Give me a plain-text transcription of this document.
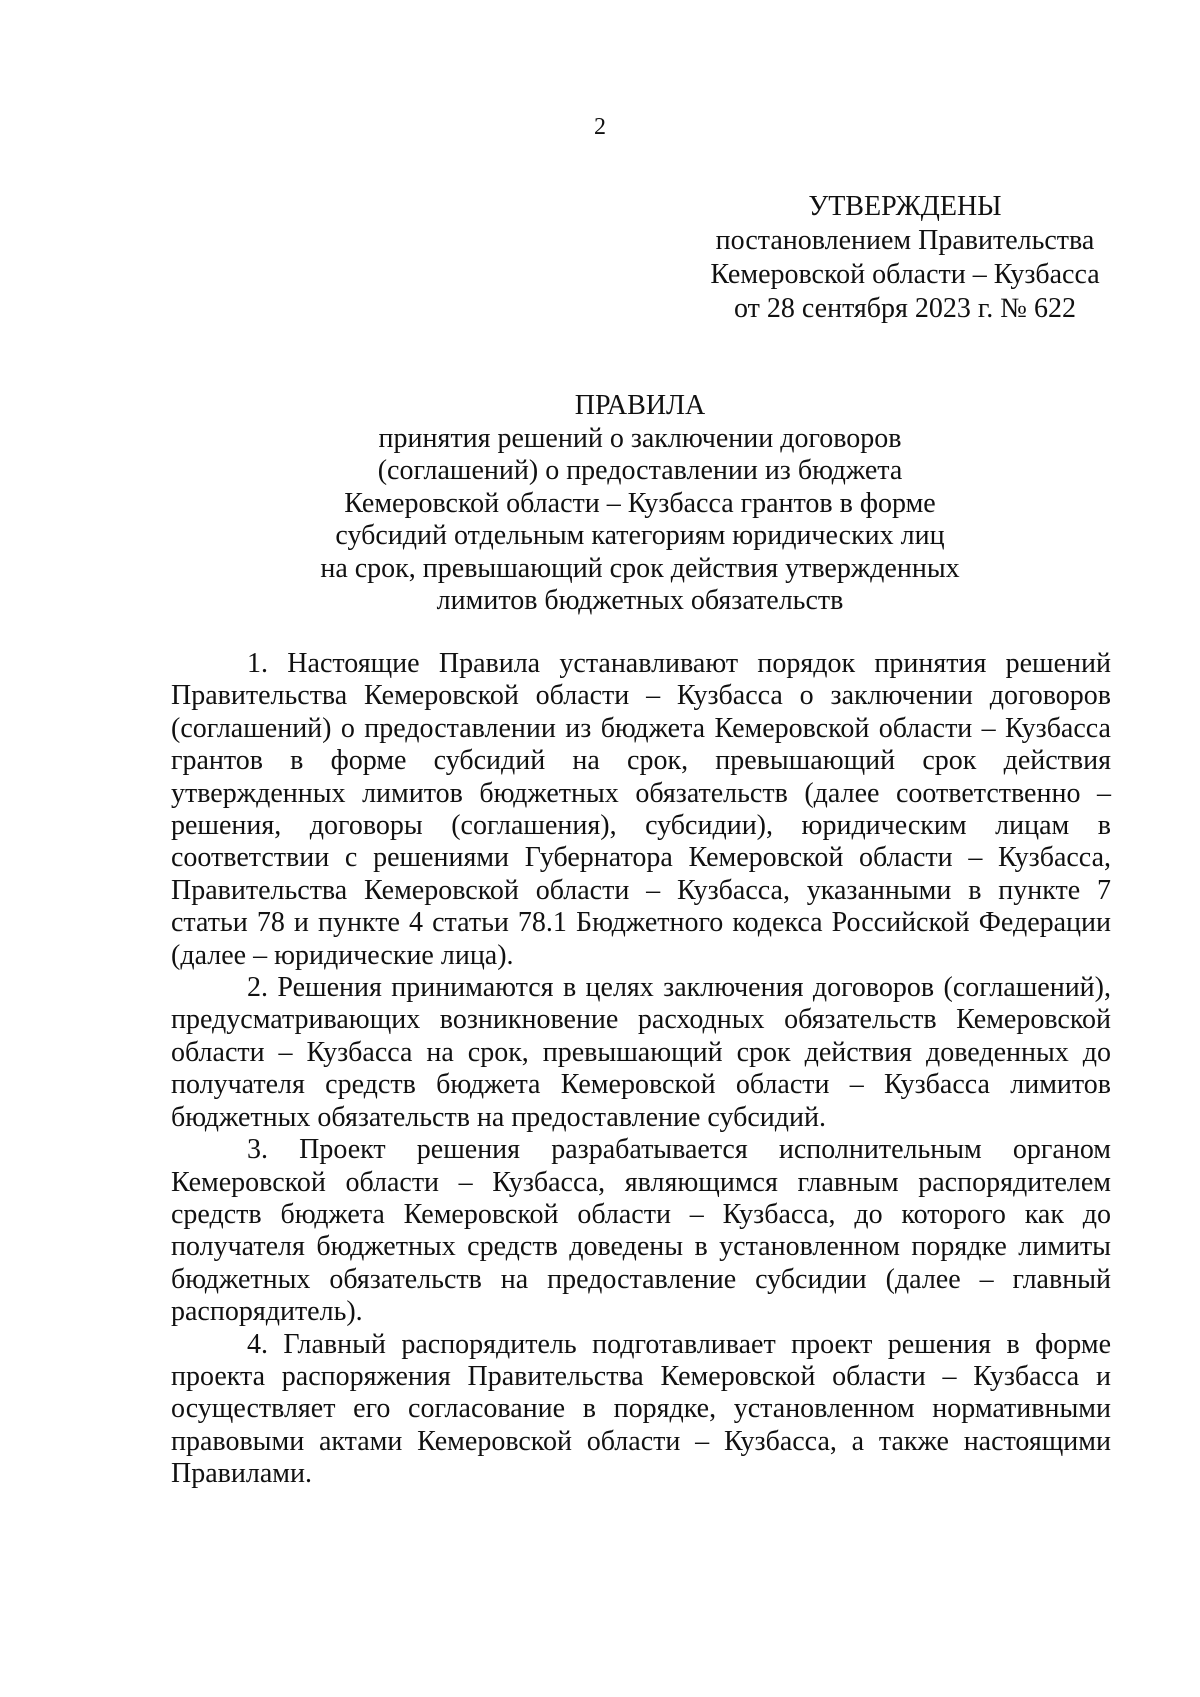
2
УТВЕРЖДЕНЫ
постановлением Правительства
Кемеровской области – Кузбасса
от 28 сентября 2023 г. № 622
ПРАВИЛА
принятия решений о заключении договоров
(соглашений) о предоставлении из бюджета
Кемеровской области – Кузбасса грантов в форме
субсидий отдельным категориям юридических лиц
на срок, превышающий срок действия утвержденных
лимитов бюджетных обязательств

1. Настоящие Правила устанавливают порядок принятия решений Правительства Кемеровской области – Кузбасса о заключении договоров (соглашений) о предоставлении из бюджета Кемеровской области – Кузбасса грантов в форме субсидий на срок, превышающий срок действия утвержденных лимитов бюджетных обязательств (далее соответственно – решения, договоры (соглашения), субсидии), юридическим лицам в соответствии с решениями Губернатора Кемеровской области – Кузбасса, Правительства Кемеровской области – Кузбасса, указанными в пункте 7 статьи 78 и пункте 4 статьи 78.1 Бюджетного кодекса Российской Федерации (далее – юридические лица).

2. Решения принимаются в целях заключения договоров (соглашений), предусматривающих возникновение расходных обязательств Кемеровской области – Кузбасса на срок, превышающий срок действия доведенных до получателя средств бюджета Кемеровской области – Кузбасса лимитов бюджетных обязательств на предоставление субсидий.

3. Проект решения разрабатывается исполнительным органом Кемеровской области – Кузбасса, являющимся главным распорядителем средств бюджета Кемеровской области – Кузбасса, до которого как до получателя бюджетных средств доведены в установленном порядке лимиты бюджетных обязательств на предоставление субсидии (далее – главный распорядитель).

4. Главный распорядитель подготавливает проект решения в форме проекта распоряжения Правительства Кемеровской области – Кузбасса и осуществляет его согласование в порядке, установленном нормативными правовыми актами Кемеровской области – Кузбасса, а также настоящими Правилами.
